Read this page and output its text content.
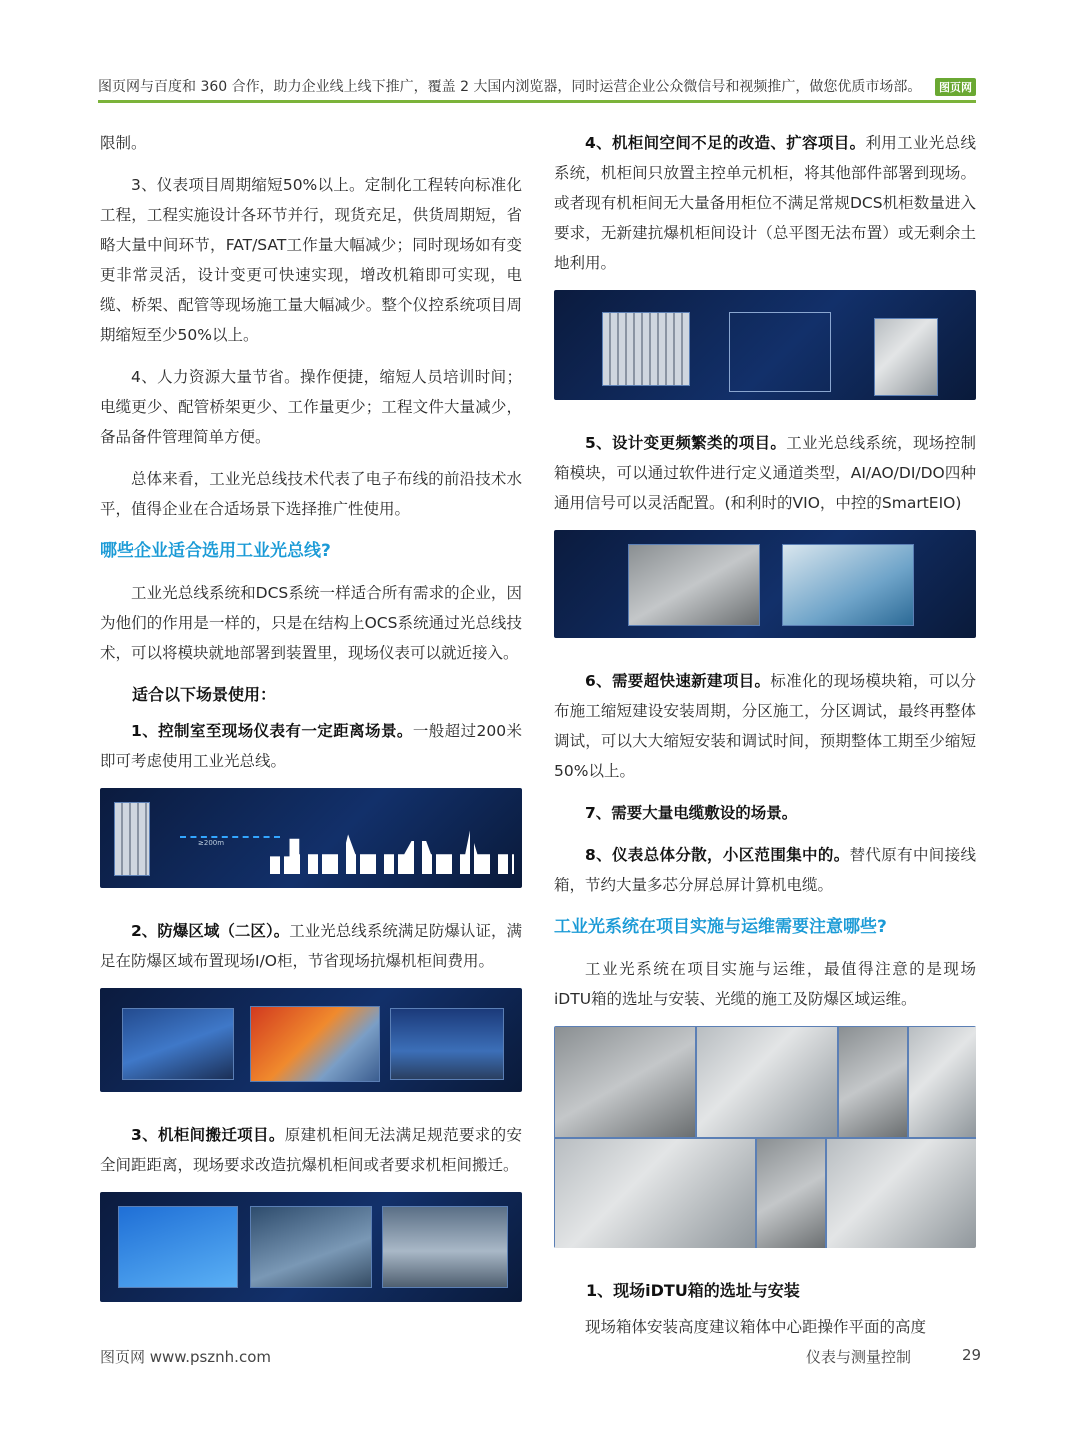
图页网与百度和 360 合作，助力企业线上线下推广，覆盖 2 大国内浏览器，同时运营企业公众微信号和视频推广，做您优质市场部。	图页网

限制。

3、仪表项目周期缩短50%以上。定制化工程转向标准化工程，工程实施设计各环节并行，现货充足，供货周期短，省略大量中间环节，FAT/SAT工作量大幅减少；同时现场如有变更非常灵活，设计变更可快速实现，增改机箱即可实现，电缆、桥架、配管等现场施工量大幅减少。整个仪控系统项目周期缩短至少50%以上。

4、人力资源大量节省。操作便捷，缩短人员培训时间；电缆更少、配管桥架更少、工作量更少；工程文件大量减少，备品备件管理简单方便。

总体来看，工业光总线技术代表了电子布线的前沿技术水平，值得企业在合适场景下选择推广性使用。

哪些企业适合选用工业光总线?

工业光总线系统和DCS系统一样适合所有需求的企业，因为他们的作用是一样的，只是在结构上OCS系统通过光总线技术，可以将模块就地部署到装置里，现场仪表可以就近接入。

适合以下场景使用：

1、控制室至现场仪表有一定距离场景。一般超过200米即可考虑使用工业光总线。

≥200m

2、防爆区域（二区）。工业光总线系统满足防爆认证，满足在防爆区域布置现场I/O柜，节省现场抗爆机柜间费用。

3、机柜间搬迁项目。原建机柜间无法满足规范要求的安全间距距离，现场要求改造抗爆机柜间或者要求机柜间搬迁。

4、机柜间空间不足的改造、扩容项目。利用工业光总线系统，机柜间只放置主控单元机柜，将其他部件部署到现场。或者现有机柜间无大量备用柜位不满足常规DCS机柜数量进入要求，无新建抗爆机柜间设计（总平图无法布置）或无剩余土地利用。

5、设计变更频繁类的项目。工业光总线系统，现场控制箱模块，可以通过软件进行定义通道类型，AI/AO/DI/DO四种通用信号可以灵活配置。(和利时的VIO，中控的SmartEIO)

6、需要超快速新建项目。标准化的现场模块箱，可以分布施工缩短建设安装周期，分区施工，分区调试，最终再整体调试，可以大大缩短安装和调试时间，预期整体工期至少缩短50%以上。

7、需要大量电缆敷设的场景。

8、仪表总体分散，小区范围集中的。替代原有中间接线箱，节约大量多芯分屏总屏计算机电缆。

工业光系统在项目实施与运维需要注意哪些?

工业光系统在项目实施与运维，最值得注意的是现场iDTU箱的选址与安装、光缆的施工及防爆区域运维。

1、现场iDTU箱的选址与安装

现场箱体安装高度建议箱体中心距操作平面的高度

图页网 www.psznh.com	仪表与测量控制	29
